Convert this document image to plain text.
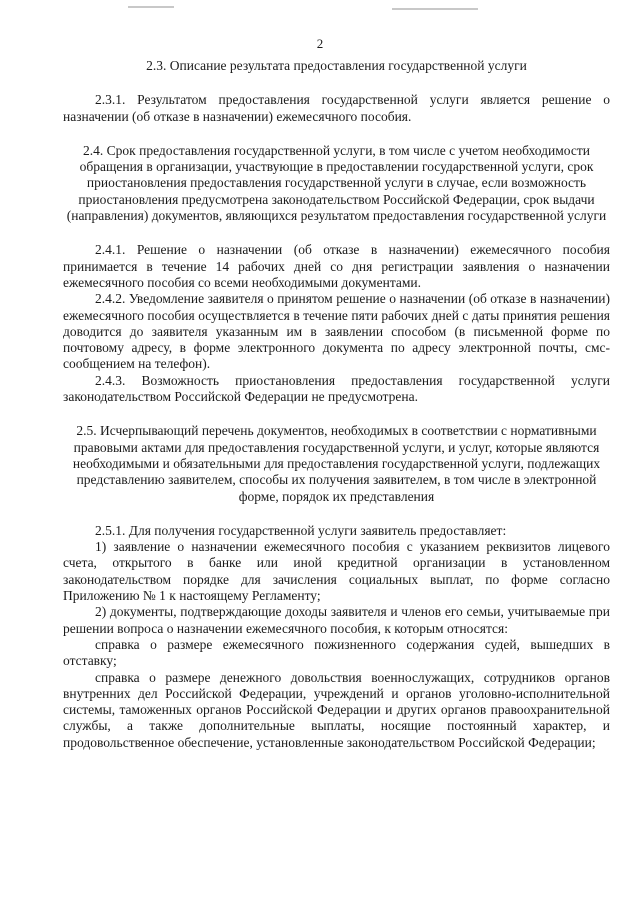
2
2.3. Описание результата предоставления государственной услуги
2.3.1. Результатом предоставления государственной услуги является решение о назначении (об отказе в назначении) ежемесячного пособия.
2.4. Срок предоставления государственной услуги, в том числе с учетом необходимости обращения в организации, участвующие в предоставлении государственной услуги, срок приостановления предоставления государственной услуги в случае, если возможность приостановления предусмотрена законодательством Российской Федерации, срок выдачи (направления) документов, являющихся результатом предоставления государственной услуги
2.4.1. Решение о назначении (об отказе в назначении) ежемесячного пособия принимается в течение 14 рабочих дней со дня регистрации заявления о назначении ежемесячного пособия со всеми необходимыми документами.
2.4.2. Уведомление заявителя о принятом решение о назначении (об отказе в назначении) ежемесячного пособия осуществляется в течение пяти рабочих дней с даты принятия решения доводится до заявителя указанным им в заявлении способом (в письменной форме по почтовому адресу, в форме электронного документа по адресу электронной почты, смс-сообщением на телефон).
2.4.3. Возможность приостановления предоставления государственной услуги законодательством Российской Федерации не предусмотрена.
2.5. Исчерпывающий перечень документов, необходимых в соответствии с нормативными правовыми актами для предоставления государственной услуги, и услуг, которые являются необходимыми и обязательными для предоставления государственной услуги, подлежащих представлению заявителем, способы их получения заявителем, в том числе в электронной форме, порядок их представления
2.5.1. Для получения государственной услуги заявитель предоставляет:
1) заявление о назначении ежемесячного пособия с указанием реквизитов лицевого счета, открытого в банке или иной кредитной организации в установленном законодательством порядке для зачисления социальных выплат, по форме согласно Приложению № 1 к настоящему Регламенту;
2) документы, подтверждающие доходы заявителя и членов его семьи, учитываемые при решении вопроса о назначении ежемесячного пособия, к которым относятся:
справка о размере ежемесячного пожизненного содержания судей, вышедших в отставку;
справка о размере денежного довольствия военнослужащих, сотрудников органов внутренних дел Российской Федерации, учреждений и органов уголовно-исполнительной системы, таможенных органов Российской Федерации и других органов правоохранительной службы, а также дополнительные выплаты, носящие постоянный характер, и продовольственное обеспечение, установленные законодательством Российской Федерации;
